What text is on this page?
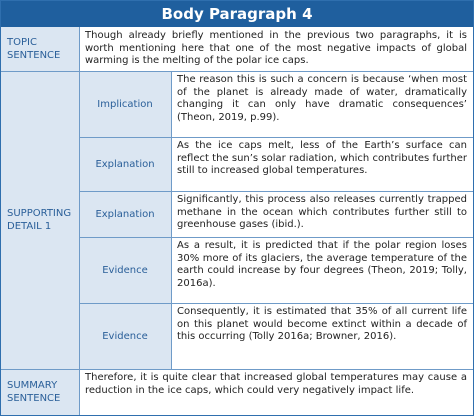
Body Paragraph 4
TOPIC SENTENCE
Though already briefly mentioned in the previous two paragraphs, it is worth mentioning here that one of the most negative impacts of global warming is the melting of the polar ice caps.
SUPPORTING DETAIL 1
Implication
The reason this is such a concern is because ‘when most of the planet is already made of water, dramatically changing it can only have dramatic consequences’ (Theon, 2019, p.99).
Explanation
As the ice caps melt, less of the Earth’s surface can reflect the sun’s solar radiation, which contributes further still to increased global temperatures.
Explanation
Significantly, this process also releases currently trapped methane in the ocean which contributes further still to greenhouse gases (ibid.).
Evidence
As a result, it is predicted that if the polar region loses 30% more of its glaciers, the average temperature of the earth could increase by four degrees (Theon, 2019; Tolly, 2016a).
Evidence
Consequently, it is estimated that 35% of all current life on this planet would become extinct within a decade of this occurring (Tolly 2016a; Browner, 2016).
SUMMARY SENTENCE
Therefore, it is quite clear that increased global temperatures may cause a reduction in the ice caps, which could very negatively impact life.
